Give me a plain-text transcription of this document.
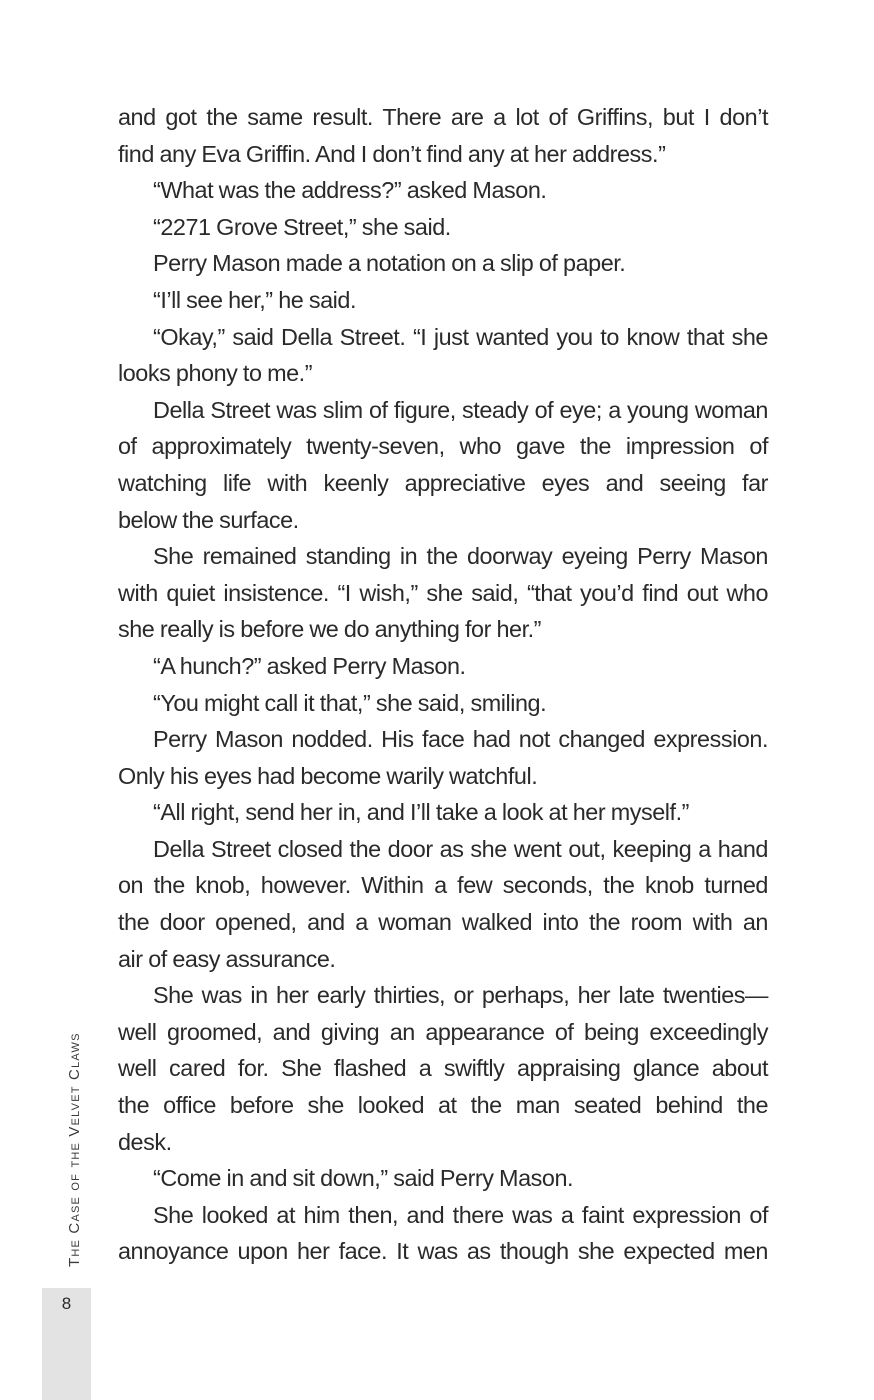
and got the same result. There are a lot of Griffins, but I don’t
find any Eva Griffin. And I don’t find any at her address.”
“What was the address?” asked Mason.
“2271 Grove Street,” she said.
Perry Mason made a notation on a slip of paper.
“I’ll see her,” he said.
“Okay,” said Della Street. “I just wanted you to know that she
looks phony to me.”
Della Street was slim of figure, steady of eye; a young woman
of approximately twenty-seven, who gave the impression of
watching life with keenly appreciative eyes and seeing far
below the surface.
She remained standing in the doorway eyeing Perry Mason
with quiet insistence. “I wish,” she said, “that you’d find out who
she really is before we do anything for her.”
“A hunch?” asked Perry Mason.
“You might call it that,” she said, smiling.
Perry Mason nodded. His face had not changed expression.
Only his eyes had become warily watchful.
“All right, send her in, and I’ll take a look at her myself.”
Della Street closed the door as she went out, keeping a hand
on the knob, however. Within a few seconds, the knob turned
the door opened, and a woman walked into the room with an
air of easy assurance.
She was in her early thirties, or perhaps, her late twenties—
well groomed, and giving an appearance of being exceedingly
well cared for. She flashed a swiftly appraising glance about
the office before she looked at the man seated behind the
desk.
“Come in and sit down,” said Perry Mason.
She looked at him then, and there was a faint expression of
annoyance upon her face. It was as though she expected men
The Case of the Velvet Claws
8
